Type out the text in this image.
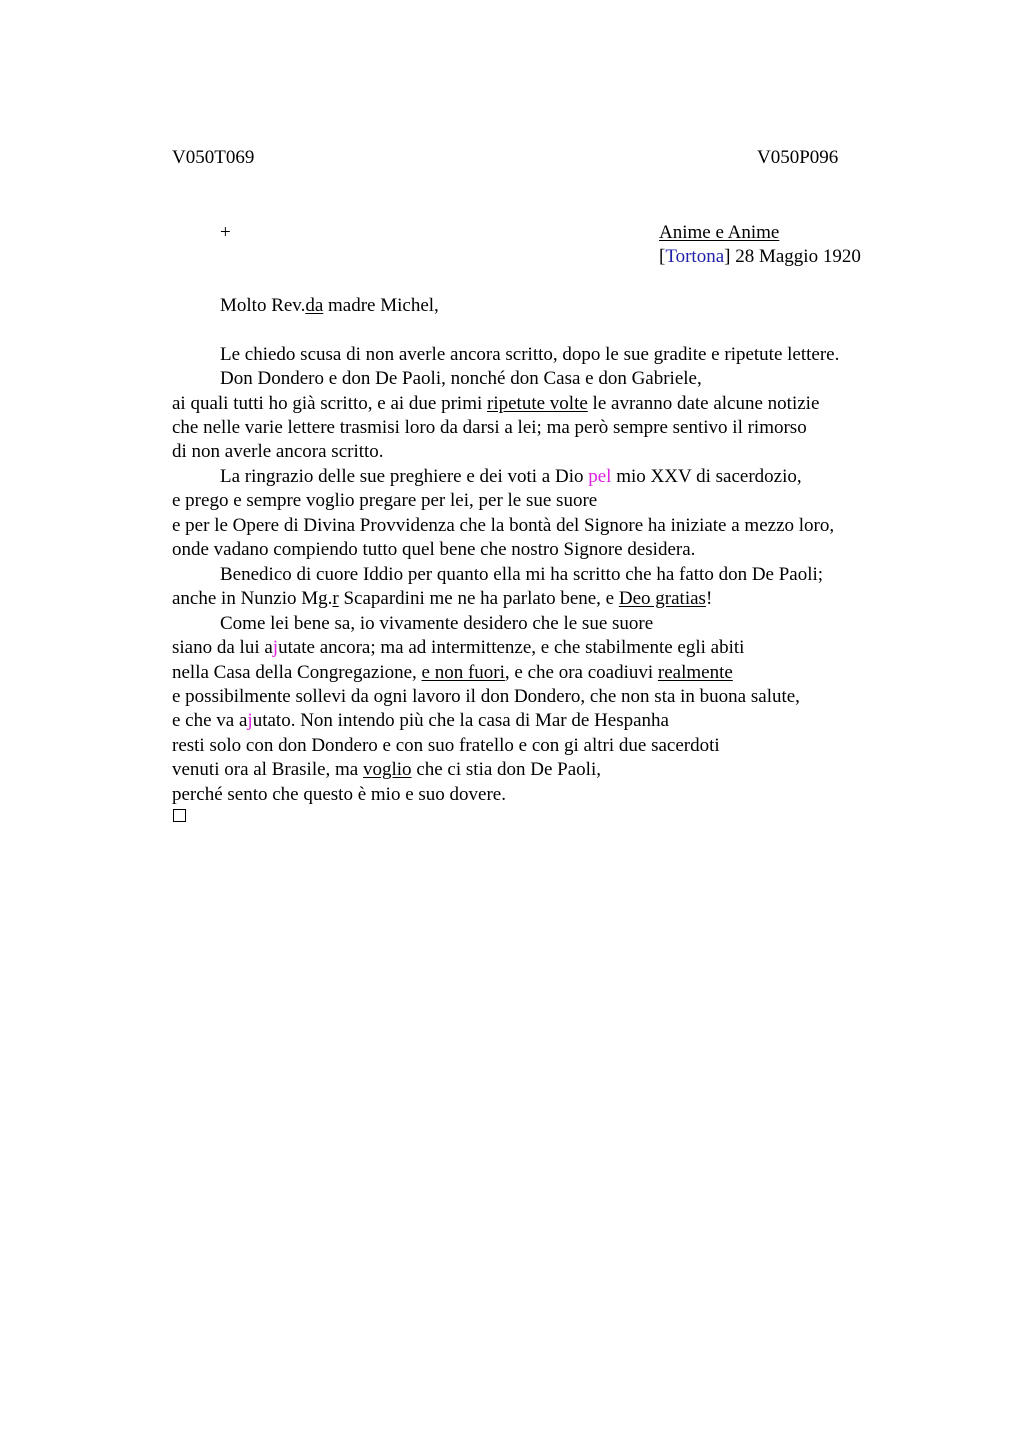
V050T069	V050P096
+	Anime e Anime
[Tortona] 28 Maggio 1920
Molto Rev.da madre Michel,
Le chiedo scusa di non averle ancora scritto, dopo le sue gradite e ripetute lettere.
Don Dondero e don De Paoli, nonché don Casa e don Gabriele,
ai quali tutti ho già scritto, e ai due primi ripetute volte le avranno date alcune notizie
che nelle varie lettere trasmisi loro da darsi a lei; ma però sempre sentivo il rimorso
di non averle ancora scritto.
La ringrazio delle sue preghiere e dei voti a Dio pel mio XXV di sacerdozio,
e prego e sempre voglio pregare per lei, per le sue suore
e per le Opere di Divina Provvidenza che la bontà del Signore ha iniziate a mezzo loro,
onde vadano compiendo tutto quel bene che nostro Signore desidera.
Benedico di cuore Iddio per quanto ella mi ha scritto che ha fatto don De Paoli;
anche in Nunzio Mg.r Scapardini me ne ha parlato bene, e Deo gratias!
Come lei bene sa, io vivamente desidero che le sue suore
siano da lui ajutate ancora; ma ad intermittenze, e che stabilmente egli abiti
nella Casa della Congregazione, e non fuori, e che ora coadiuvi realmente
e possibilmente sollevi da ogni lavoro il don Dondero, che non sta in buona salute,
e che va ajutato. Non intendo più che la casa di Mar de Hespanha
resti solo con don Dondero e con suo fratello e con gi altri due sacerdoti
venuti ora al Brasile, ma voglio che ci stia don De Paoli,
perché sento che questo è mio e suo dovere.
